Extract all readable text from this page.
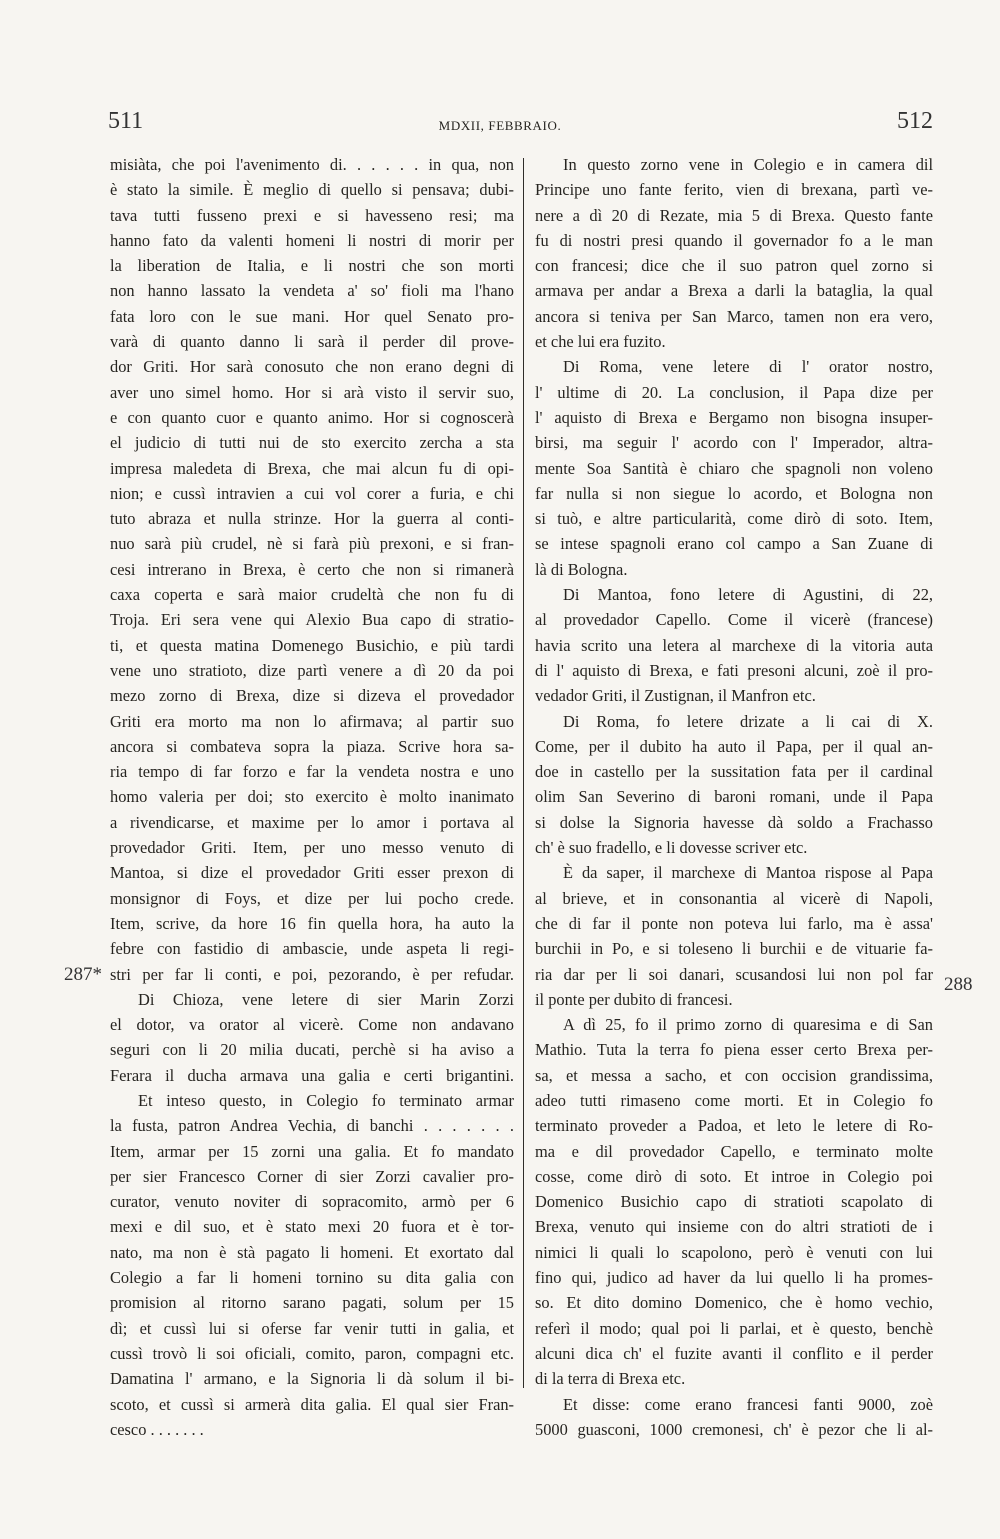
511	MDXII, FEBBRAIO.	512
misiàta, che poi l'avenimento di. . . . . . in qua, non
è stato la simile. È meglio di quello si pensava; dubi-
tava tutti fusseno prexi e si havesseno resi; ma
hanno fato da valenti homeni li nostri di morir per
la liberation de Italia, e li nostri che son morti
non hanno lassato la vendeta a' so' fioli ma l'hano
fata loro con le sue mani. Hor quel Senato pro-
varà di quanto danno li sarà il perder dil prove-
dor Griti. Hor sarà conosuto che non erano degni di
aver uno simel homo. Hor si arà visto il servir suo,
e con quanto cuor e quanto animo. Hor si cognoscerà
el judicio di tutti nui de sto exercito zercha a sta
impresa maledeta di Brexa, che mai alcun fu di opi-
nion; e cussì intravien a cui vol corer a furia, e chi
tuto abraza et nulla strinze. Hor la guerra al conti-
nuo sarà più crudel, nè si farà più prexoni, e si fran-
cesi intrerano in Brexa, è certo che non si rimanerà
caxa coperta e sarà maior crudeltà che non fu di
Troja. Eri sera vene qui Alexio Bua capo di stratio-
ti, et questa matina Domenego Busichio, e più tardi
vene uno stratioto, dize partì venere a dì 20 da poi
mezo zorno di Brexa, dize si dizeva el provedador
Griti era morto ma non lo afirmava; al partir suo
ancora si combateva sopra la piaza. Scrive hora sa-
ria tempo di far forzo e far la vendeta nostra e uno
homo valeria per doi; sto exercito è molto inanimato
a rivendicarse, et maxime per lo amor i portava al
provedador Griti. Item, per uno messo venuto di
Mantoa, si dize el provedador Griti esser prexon di
monsignor di Foys, et dize per lui pocho crede.
Item, scrive, da hore 16 fin quella hora, ha auto la
febre con fastidio di ambascie, unde aspeta li regi-
stri per far li conti, e poi, pezorando, è per refudar.
Di Chioza, vene letere di sier Marin Zorzi
el dotor, va orator al vicerè. Come non andavano
seguri con li 20 milia ducati, perchè si ha aviso a
Ferara il ducha armava una galia e certi brigantini.
Et inteso questo, in Colegio fo terminato armar
la fusta, patron Andrea Vechia, di banchi . . . . . . .
Item, armar per 15 zorni una galia. Et fo mandato
per sier Francesco Corner di sier Zorzi cavalier pro-
curator, venuto noviter di sopracomito, armò per 6
mexi e dil suo, et è stato mexi 20 fuora et è tor-
nato, ma non è stà pagato li homeni. Et exortato dal
Colegio a far li homeni tornino su dita galia con
promision al ritorno sarano pagati, solum per 15
dì; et cussì lui si oferse far venir tutti in galia, et
cussì trovò li soi oficiali, comito, paron, compagni etc.
Damatina l' armano, e la Signoria li dà solum il bi-
scoto, et cussì si armerà dita galia. El qual sier Fran-
cesco . . . . . . .
In questo zorno vene in Colegio e in camera dil
Principe uno fante ferito, vien di brexana, partì ve-
nere a dì 20 di Rezate, mia 5 di Brexa. Questo fante
fu di nostri presi quando il governador fo a le man
con francesi; dice che il suo patron quel zorno si
armava per andar a Brexa a darli la bataglia, la qual
ancora si teniva per San Marco, tamen non era vero,
et che lui era fuzito.
Di Roma, vene letere di l' orator nostro,
l' ultime di 20. La conclusion, il Papa dize per
l' aquisto di Brexa e Bergamo non bisogna insuper-
birsi, ma seguir l' acordo con l' Imperador, altra-
mente Soa Santità è chiaro che spagnoli non voleno
far nulla si non siegue lo acordo, et Bologna non
si tuò, e altre particularità, come dirò di soto. Item,
se intese spagnoli erano col campo a San Zuane di
là di Bologna.
Di Mantoa, fono letere di Agustini, di 22,
al provedador Capello. Come il vicerè (francese)
havia scrito una letera al marchexe di la vitoria auta
di l' aquisto di Brexa, e fati presoni alcuni, zoè il pro-
vedador Griti, il Zustignan, il Manfron etc.
Di Roma, fo letere drizate a li cai di X.
Come, per il dubito ha auto il Papa, per il qual an-
doe in castello per la sussitation fata per il cardinal
olim San Severino di baroni romani, unde il Papa
si dolse la Signoria havesse dà soldo a Frachasso
ch' è suo fradello, e li dovesse scriver etc.
È da saper, il marchexe di Mantoa rispose al Papa
al brieve, et in consonantia al vicerè di Napoli,
che di far il ponte non poteva lui farlo, ma è assa'
burchii in Po, e si toleseno li burchii e de vituarie fa-
ria dar per li soi danari, scusandosi lui non pol far
il ponte per dubito di francesi.
A dì 25, fo il primo zorno di quaresima e di San
Mathio. Tuta la terra fo piena esser certo Brexa per-
sa, et messa a sacho, et con occision grandissima,
adeo tutti rimaseno come morti. Et in Colegio fo
terminato proveder a Padoa, et leto le letere di Ro-
ma e dil provedador Capello, e terminato molte
cosse, come dirò di soto. Et introe in Colegio poi
Domenico Busichio capo di stratioti scapolato di
Brexa, venuto qui insieme con do altri stratioti de i
nimici li quali lo scapolono, però è venuti con lui
fino qui, judico ad haver da lui quello li ha promes-
so. Et dito domino Domenico, che è homo vechio,
referì il modo; qual poi li parlai, et è questo, benchè
alcuni dica ch' el fuzite avanti il conflito e il perder
di la terra di Brexa etc.
Et disse: come erano francesi fanti 9000, zoè
5000 guasconi, 1000 cremonesi, ch' è pezor che li al-
287*	288
